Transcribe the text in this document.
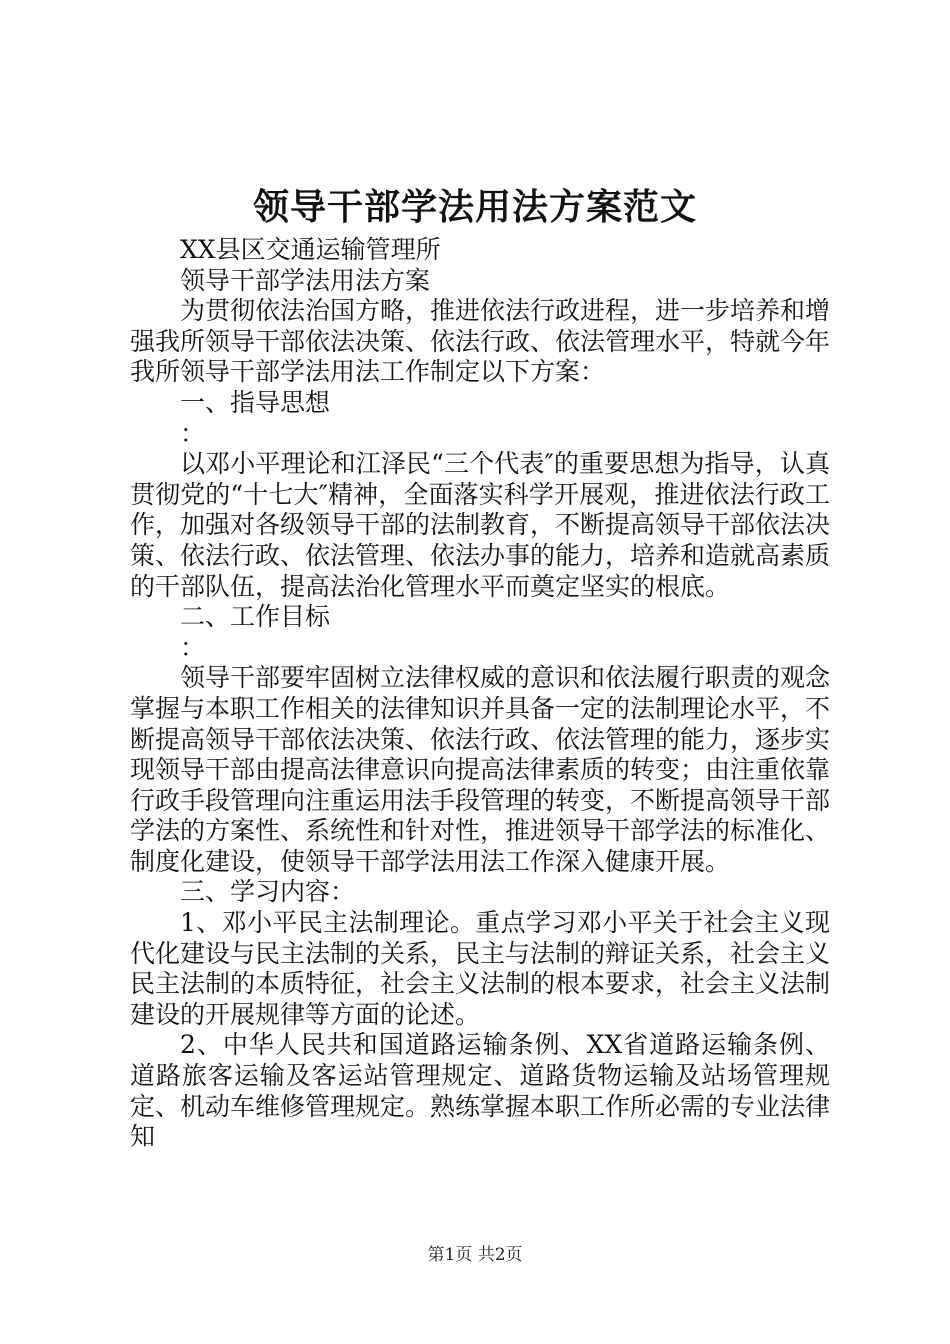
领导干部学法用法方案范文

XX县区交通运输管理所

领导干部学法用法方案

为贯彻依法治国方略，推进依法行政进程，进一步培养和增强我所领导干部依法决策、依法行政、依法管理水平，特就今年我所领导干部学法用法工作制定以下方案：

一、指导思想

：

以邓小平理论和江泽民“三个代表″的重要思想为指导，认真贯彻党的“十七大″精神，全面落实科学开展观，推进依法行政工作，加强对各级领导干部的法制教育，不断提高领导干部依法决策、依法行政、依法管理、依法办事的能力，培养和造就高素质的干部队伍，提高法治化管理水平而奠定坚实的根底。

二、工作目标

：

领导干部要牢固树立法律权威的意识和依法履行职责的观念掌握与本职工作相关的法律知识并具备一定的法制理论水平，不断提高领导干部依法决策、依法行政、依法管理的能力，逐步实现领导干部由提高法律意识向提高法律素质的转变；由注重依靠行政手段管理向注重运用法手段管理的转变，不断提高领导干部学法的方案性、系统性和针对性，推进领导干部学法的标准化、制度化建设，使领导干部学法用法工作深入健康开展。

三、学习内容：

1、邓小平民主法制理论。重点学习邓小平关于社会主义现代化建设与民主法制的关系，民主与法制的辩证关系，社会主义民主法制的本质特征，社会主义法制的根本要求，社会主义法制建设的开展规律等方面的论述。

2、中华人民共和国道路运输条例、XX省道路运输条例、道路旅客运输及客运站管理规定、道路货物运输及站场管理规定、机动车维修管理规定。熟练掌握本职工作所必需的专业法律知

第1页 共2页
